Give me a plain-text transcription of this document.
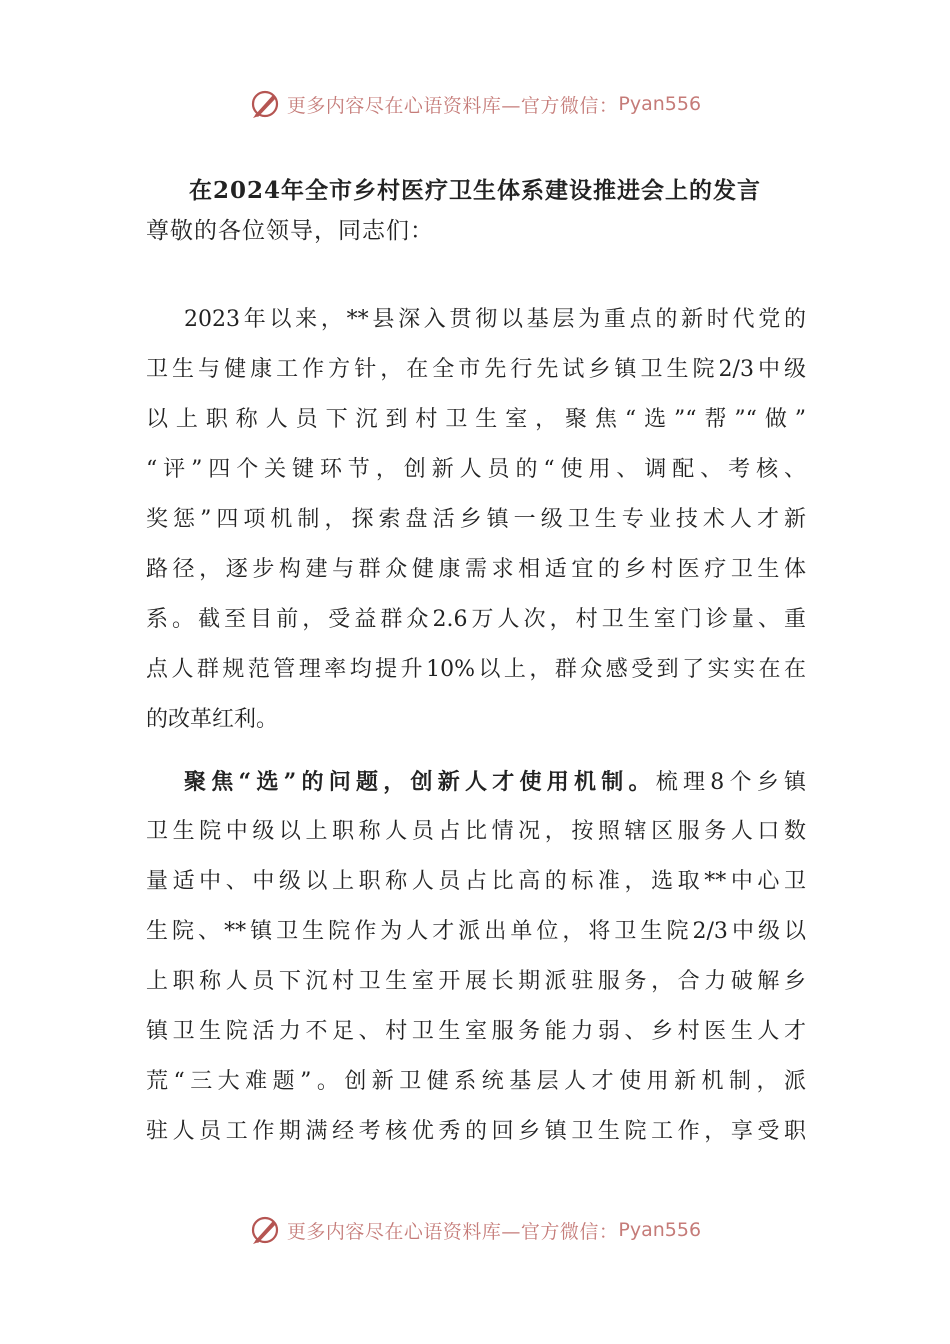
更多内容尽在心语资料库—官方微信： Pyan556
在2024年全市乡村医疗卫生体系建设推进会上的发言
尊敬的各位领导，同志们：
2023年以来，**县深入贯彻以基层为重点的新时代党的
卫生与健康工作方针，在全市先行先试乡镇卫生院2/3中级
以上职称人员下沉到村卫生室，聚焦“选”“帮”“做”
“评”四个关键环节，创新人员的“使用、调配、考核、
奖惩”四项机制，探索盘活乡镇一级卫生专业技术人才新
路径，逐步构建与群众健康需求相适宜的乡村医疗卫生体
系。截至目前，受益群众2.6万人次，村卫生室门诊量、重
点人群规范管理率均提升10%以上，群众感受到了实实在在
的改革红利。
聚焦“选”的问题，创新人才使用机制。梳理8个乡镇
卫生院中级以上职称人员占比情况，按照辖区服务人口数
量适中、中级以上职称人员占比高的标准，选取**中心卫
生院、**镇卫生院作为人才派出单位，将卫生院2/3中级以
上职称人员下沉村卫生室开展长期派驻服务，合力破解乡
镇卫生院活力不足、村卫生室服务能力弱、乡村医生人才
荒“三大难题”。创新卫健系统基层人才使用新机制，派
驻人员工作期满经考核优秀的回乡镇卫生院工作，享受职
更多内容尽在心语资料库—官方微信： Pyan556
